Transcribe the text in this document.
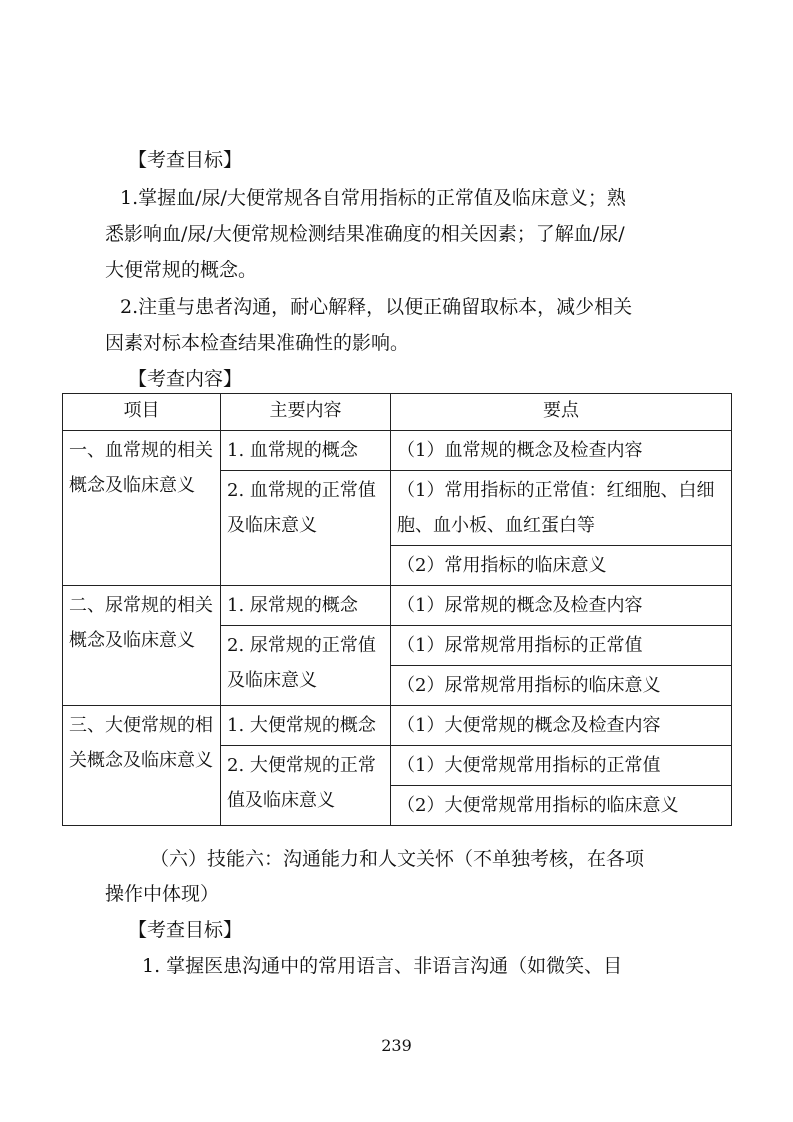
【考查目标】
1.掌握血/尿/大便常规各自常用指标的正常值及临床意义；熟
悉影响血/尿/大便常规检测结果准确度的相关因素；了解血/尿/
大便常规的概念。
2.注重与患者沟通，耐心解释，以便正确留取标本，减少相关
因素对标本检查结果准确性的影响。
【考查内容】
项目	主要内容	要点
一、血常规的相关概念及临床意义	1. 血常规的概念	（1）血常规的概念及检查内容
	2. 血常规的正常值及临床意义	（1）常用指标的正常值：红细胞、白细胞、血小板、血红蛋白等
		（2）常用指标的临床意义
二、尿常规的相关概念及临床意义	1. 尿常规的概念	（1）尿常规的概念及检查内容
	2. 尿常规的正常值及临床意义	（1）尿常规常用指标的正常值
		（2）尿常规常用指标的临床意义
三、大便常规的相关概念及临床意义	1. 大便常规的概念	（1）大便常规的概念及检查内容
	2. 大便常规的正常值及临床意义	（1）大便常规常用指标的正常值
		（2）大便常规常用指标的临床意义
（六）技能六：沟通能力和人文关怀（不单独考核，在各项
操作中体现）
【考查目标】
1. 掌握医患沟通中的常用语言、非语言沟通（如微笑、目
239
